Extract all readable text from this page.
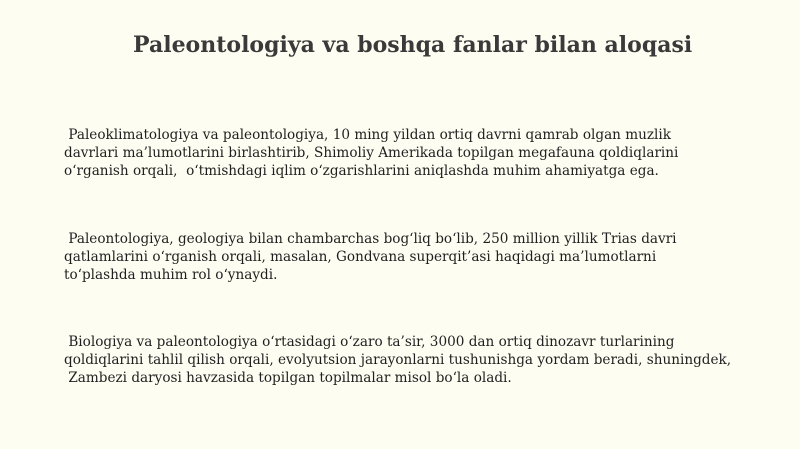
Paleontologiya va boshqa fanlar bilan aloqasi

Paleoklimatologiya va paleontologiya, 10 ming yildan ortiq davrni qamrab olgan muzlik
davrlari ma’lumotlarini birlashtirib, Shimoliy Amerikada topilgan megafauna qoldiqlarini
o‘rganish orqali,  o‘tmishdagi iqlim o‘zgarishlarini aniqlashda muhim ahamiyatga ega.

Paleontologiya, geologiya bilan chambarchas bog‘liq bo‘lib, 250 million yillik Trias davri
qatlamlarini o‘rganish orqali, masalan, Gondvana superqit’asi haqidagi ma’lumotlarni
to‘plashda muhim rol o‘ynaydi.

Biologiya va paleontologiya o‘rtasidagi o‘zaro ta’sir, 3000 dan ortiq dinozavr turlarining
qoldiqlarini tahlil qilish orqali, evolyutsion jarayonlarni tushunishga yordam beradi, shuningdek,
Zambezi daryosi havzasida topilgan topilmalar misol bo‘la oladi.
